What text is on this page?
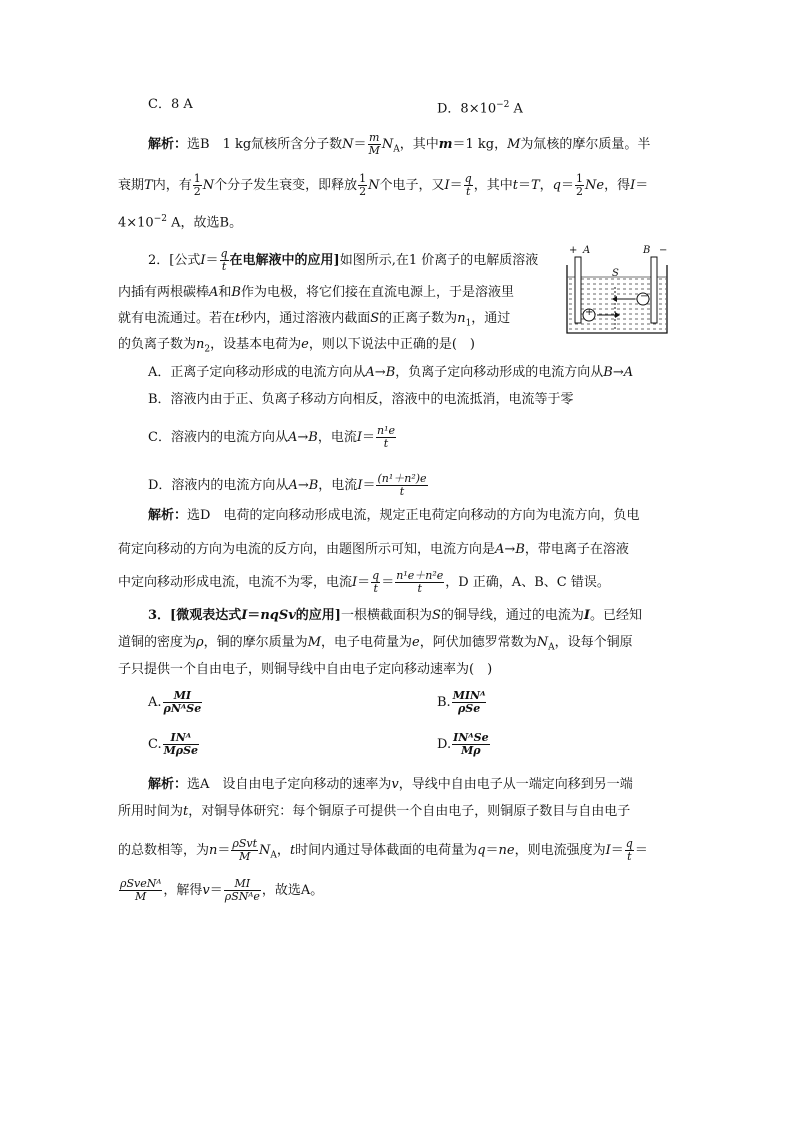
C．8 A	D．$8\times 10^{-2}$ A
解析：选B　1 kg氚核所含分子数$N= \frac{m}{M} N_A$，其中m＝1 kg，M为氚核的摩尔质量。半
衰期T内，有 $\frac{1}{2}$ N个分子发生衰变，即释放 $\frac{1}{2}$ N个电子，又$I= \frac{q}{t}$ ，其中t＝T，$q= \frac{1}{2}$ Ne，得I＝
$4\times 10^{-2}$ A，故选B。
2．[公式$I= \frac{q}{t}$ 在电解液中的应用]如图所示,在1 价离子的电解质溶液
内插有两根碳棒A和B作为电极，将它们接在直流电源上，于是溶液里
就有电流通过。若在t秒内，通过溶液内截面S的正离子数为$n_1$，通过
的负离子数为$n_2$，设基本电荷为e，则以下说法中正确的是(　)
+ A	B −
S
+
−
A．正离子定向移动形成的电流方向从A→B，负离子定向移动形成的电流方向从B→A
B．溶液内由于正、负离子移动方向相反，溶液中的电流抵消，电流等于零
C．溶液内的电流方向从A→B，电流$I= \frac{\text{n¹e}}{t}$
D．溶液内的电流方向从A→B，电流$I= \frac{\text{(n¹＋n²)e}}{t}$
解析：选D　电荷的定向移动形成电流，规定正电荷定向移动的方向为电流方向，负电
荷定向移动的方向为电流的反方向，由题图所示可知，电流方向是A→B，带电离子在溶液
中定向移动形成电流，电流不为零，电流$I= \frac{q}{t} = \frac{\text{n¹e＋n²e}}{t}$ ，D 正确，A、B、C 错误。
3．[微观表达式I＝nqSv的应用]一根横截面积为S的铜导线，通过的电流为I。已经知
道铜的密度为ρ，铜的摩尔质量为M，电子电荷量为e，阿伏加德罗常数为$N_A$，设每个铜原
子只提供一个自由电子，则铜导线中自由电子定向移动速率为(　)
A. $\frac{MI}{\text{ρNᴬSe}}$	B. $\frac{\text{MINᴬ}}{\text{ρSe}}$
C. $\frac{\text{INᴬ}}{\text{MρSe}}$	D. $\frac{\text{INᴬSe}}{M\rho}$
解析：选A　设自由电子定向移动的速率为v，导线中自由电子从一端定向移到另一端
所用时间为t，对铜导体研究：每个铜原子可提供一个自由电子，则铜原子数目与自由电子
的总数相等，为$n= \frac{\text{ρSvt}}{M} N_A$，t时间内通过导体截面的电荷量为q＝ne，则电流强度为$I= \frac{q}{t}$ ＝
$\frac{\text{ρSveNᴬ}}{M}$ ，解得$v= \frac{MI}{\text{ρSNᴬe}}$ ，故选A。
